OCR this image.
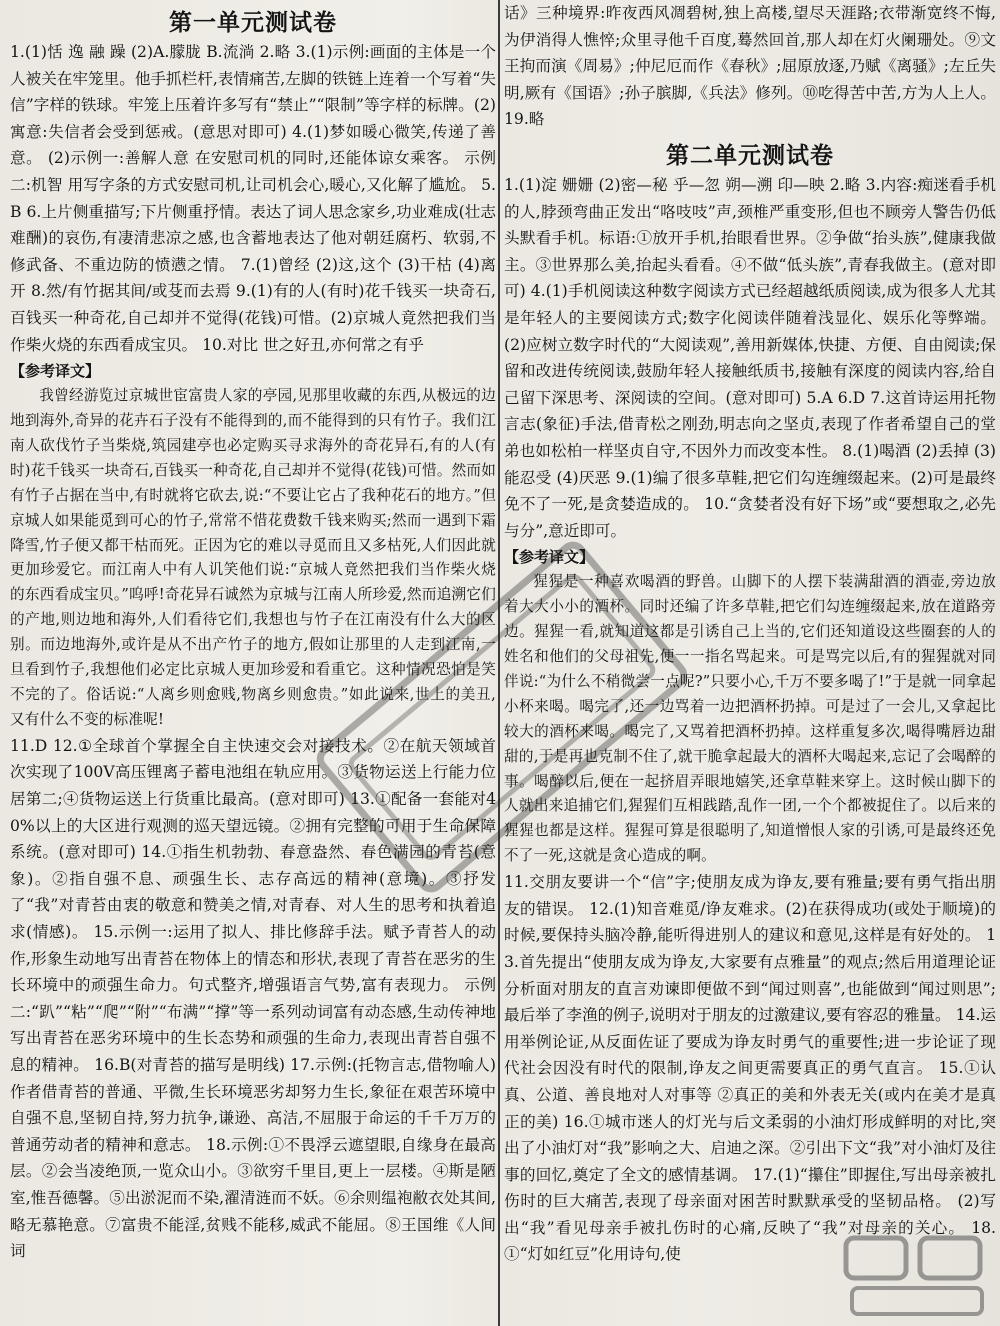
第一单元测试卷

1.(1)恬 逸 融 躁 (2)A.朦胧 B.流淌 2.略 3.(1)示例:画面的主体是一个人被关在牢笼里。他手抓栏杆,表情痛苦,左脚的铁链上连着一个写着“失信”字样的铁球。牢笼上压着许多写有“禁止”“限制”等字样的标牌。(2)寓意:失信者会受到惩戒。(意思对即可) 4.(1)梦如暖心微笑,传递了善意。 (2)示例一:善解人意 在安慰司机的同时,还能体谅女乘客。 示例二:机智 用写字条的方式安慰司机,让司机会心,暖心,又化解了尴尬。 5.B 6.上片侧重描写;下片侧重抒情。表达了词人思念家乡,功业难成(壮志难酬)的哀伤,有凄清悲凉之感,也含蓄地表达了他对朝廷腐朽、软弱,不修武备、不重边防的愤懑之情。 7.(1)曾经 (2)这,这个 (3)干枯 (4)离开 8.然/有竹据其间/或芟而去焉 9.(1)有的人(有时)花千钱买一块奇石,百钱买一种奇花,自己却并不觉得(花钱)可惜。(2)京城人竟然把我们当作柴火烧的东西看成宝贝。 10.对比 世之好丑,亦何常之有乎

【参考译文】

我曾经游览过京城世宦富贵人家的亭园,见那里收藏的东西,从极远的边地到海外,奇异的花卉石子没有不能得到的,而不能得到的只有竹子。我们江南人砍伐竹子当柴烧,筑园建亭也必定购买寻求海外的奇花异石,有的人(有时)花千钱买一块奇石,百钱买一种奇花,自己却并不觉得(花钱)可惜。然而如有竹子占据在当中,有时就将它砍去,说:“不要让它占了我种花石的地方。”但京城人如果能觅到可心的竹子,常常不惜花费数千钱来购买;然而一遇到下霜降雪,竹子便又都干枯而死。正因为它的难以寻觅而且又多枯死,人们因此就更加珍爱它。而江南人中有人讥笑他们说:“京城人竟然把我们当作柴火烧的东西看成宝贝。”呜呼!奇花异石诚然为京城与江南人所珍爱,然而追溯它们的产地,则边地和海外,人们看待它们,我想也与竹子在江南没有什么大的区别。而边地海外,或许是从不出产竹子的地方,假如让那里的人走到江南,一旦看到竹子,我想他们必定比京城人更加珍爱和看重它。这种情况恐怕是笑不完的了。俗话说:“人离乡则愈贱,物离乡则愈贵。”如此说来,世上的美丑,又有什么不变的标准呢!

11.D 12.①全球首个掌握全自主快速交会对接技术。②在航天领域首次实现了100V高压锂离子蓄电池组在轨应用。③货物运送上行能力位居第二;④货物运送上行货重比最高。(意对即可) 13.①配备一套能对40%以上的大区进行观测的巡天望远镜。②拥有完整的可用于生命保障系统。(意对即可) 14.①指生机勃勃、春意盎然、春色满园的青苔(意象)。②指自强不息、顽强生长、志存高远的精神(意境)。③抒发了“我”对青苔由衷的敬意和赞美之情,对青春、对人生的思考和执着追求(情感)。 15.示例一:运用了拟人、排比修辞手法。赋予青苔人的动作,形象生动地写出青苔在物体上的情态和形状,表现了青苔在恶劣的生长环境中的顽强生命力。句式整齐,增强语言气势,富有表现力。 示例二:“趴”“粘”“爬”“附”“布满”“撑”等一系列动词富有动态感,生动传神地写出青苔在恶劣环境中的生长态势和顽强的生命力,表现出青苔自强不息的精神。 16.B(对青苔的描写是明线) 17.示例:(托物言志,借物喻人)作者借青苔的普通、平微,生长环境恶劣却努力生长,象征在艰苦环境中自强不息,坚韧自持,努力抗争,谦逊、高洁,不屈服于命运的千千万万的普通劳动者的精神和意志。 18.示例:①不畏浮云遮望眼,自缘身在最高层。②会当凌绝顶,一览众山小。③欲穷千里目,更上一层楼。④斯是陋室,惟吾德馨。⑤出淤泥而不染,濯清涟而不妖。⑥余则缊袍敝衣处其间,略无慕艳意。⑦富贵不能淫,贫贱不能移,威武不能屈。⑧王国维《人间词

话》三种境界:昨夜西风凋碧树,独上高楼,望尽天涯路;衣带渐宽终不悔,为伊消得人憔悴;众里寻他千百度,蓦然回首,那人却在灯火阑珊处。⑨文王拘而演《周易》;仲尼厄而作《春秋》;屈原放逐,乃赋《离骚》;左丘失明,厥有《国语》;孙子膑脚,《兵法》修列。⑩吃得苦中苦,方为人上人。 19.略

第二单元测试卷

1.(1)淀 姗姗 (2)密—秘 乎—忽 朔—溯 印—映 2.略 3.内容:痴迷看手机的人,脖颈弯曲正发出“咯吱吱”声,颈椎严重变形,但也不顾旁人警告仍低头默看手机。标语:①放开手机,抬眼看世界。②争做“抬头族”,健康我做主。③世界那么美,抬起头看看。④不做“低头族”,青春我做主。(意对即可) 4.(1)手机阅读这种数字阅读方式已经超越纸质阅读,成为很多人尤其是年轻人的主要阅读方式;数字化阅读伴随着浅显化、娱乐化等弊端。 (2)应树立数字时代的“大阅读观”,善用新媒体,快捷、方便、自由阅读;保留和改进传统阅读,鼓励年轻人接触纸质书,接触有深度的阅读内容,给自己留下深思考、深阅读的空间。(意对即可) 5.A 6.D 7.这首诗运用托物言志(象征)手法,借青松之刚劲,明志向之坚贞,表现了作者希望自己的堂弟也如松柏一样坚贞自守,不因外力而改变本性。 8.(1)喝酒 (2)丢掉 (3)能忍受 (4)厌恶 9.(1)编了很多草鞋,把它们勾连缠缀起来。(2)可是最终免不了一死,是贪婪造成的。 10.“贪婪者没有好下场”或“要想取之,必先与分”,意近即可。

【参考译文】

猩猩是一种喜欢喝酒的野兽。山脚下的人摆下装满甜酒的酒壶,旁边放着大大小小的酒杯。同时还编了许多草鞋,把它们勾连缠缀起来,放在道路旁边。猩猩一看,就知道这都是引诱自己上当的,它们还知道设这些圈套的人的姓名和他们的父母祖先,便一一指名骂起来。可是骂完以后,有的猩猩就对同伴说:“为什么不稍微尝一点呢?”只要小心,千万不要多喝了!”于是就一同拿起小杯来喝。喝完了,还一边骂着一边把酒杯扔掉。可是过了一会儿,又拿起比较大的酒杯来喝。喝完了,又骂着把酒杯扔掉。这样重复多次,喝得嘴唇边甜甜的,于是再也克制不住了,就干脆拿起最大的酒杯大喝起来,忘记了会喝醉的事。喝醉以后,便在一起挤眉弄眼地嬉笑,还拿草鞋来穿上。这时候山脚下的人就出来追捕它们,猩猩们互相践踏,乱作一团,一个个都被捉住了。以后来的猩猩也都是这样。猩猩可算是很聪明了,知道憎恨人家的引诱,可是最终还免不了一死,这就是贪心造成的啊。

11.交朋友要讲一个“信”字;使朋友成为诤友,要有雅量;要有勇气指出朋友的错误。 12.(1)知音难觅/诤友难求。(2)在获得成功(或处于顺境)的时候,要保持头脑冷静,能听得进别人的建议和意见,这样是有好处的。 13.首先提出“使朋友成为诤友,大家要有点雅量”的观点;然后用道理论证分析面对朋友的直言劝谏即便做不到“闻过则喜”,也能做到“闻过则思”;最后举了李渔的例子,说明对于朋友的过激建议,要有容忍的雅量。 14.运用举例论证,从反面佐证了要成为诤友时勇气的重要性;进一步论证了现代社会因没有时代的限制,诤友之间更需要真正的勇气直言。 15.①认真、公道、善良地对人对事等 ②真正的美和外表无关(或内在美才是真正的美) 16.①城市迷人的灯光与后文柔弱的小油灯形成鲜明的对比,突出了小油灯对“我”影响之大、启迪之深。②引出下文“我”对小油灯及往事的回忆,奠定了全文的感情基调。 17.(1)“攥住”即握住,写出母亲被扎伤时的巨大痛苦,表现了母亲面对困苦时默默承受的坚韧品格。 (2)写出“我”看见母亲手被扎伤时的心痛,反映了“我”对母亲的关心。 18.①“灯如红豆”化用诗句,使
